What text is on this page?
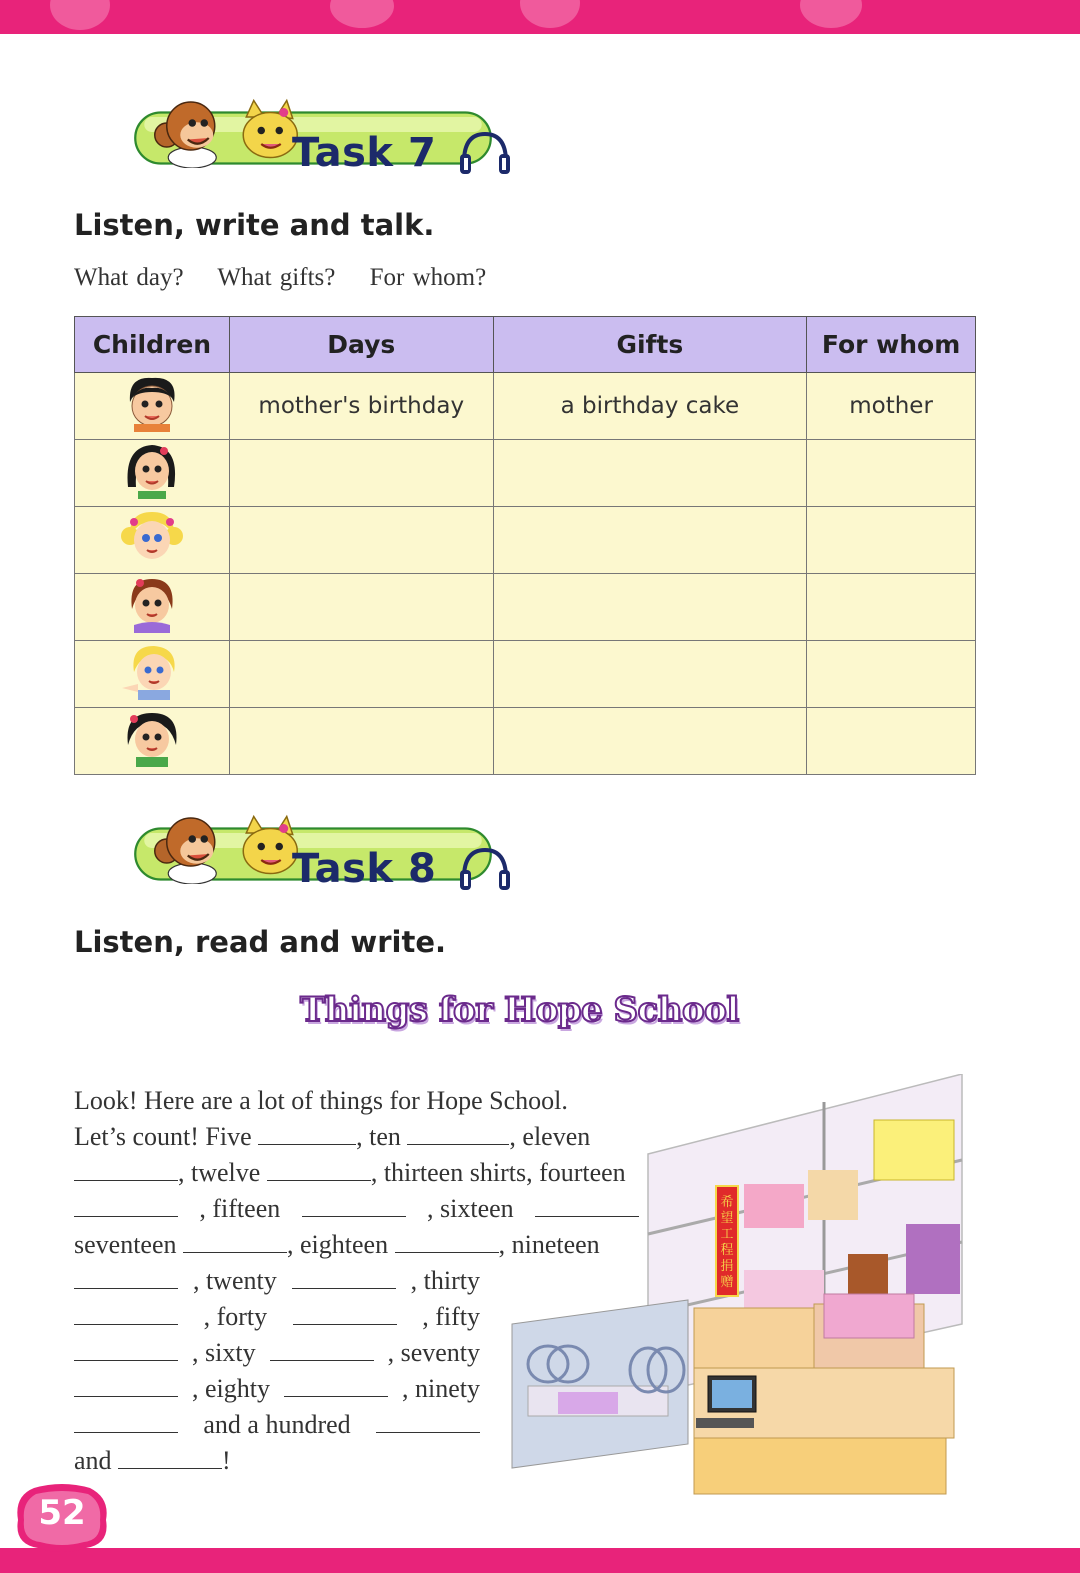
Task 7
Listen, write and talk.
What day? What gifts? For whom?
Children	Days	Gifts	For whom
	mother's birthday	a birthday cake	mother

Task 8
Listen, read and write.
Things for Hope School
Look! Here are a lot of things for Hope School.
Let’s count! Five	, ten	, eleven
, twelve	, thirteen shirts, fourteen
, fifteen	, sixteen
seventeen	, eighteen	, nineteen
, twenty	, thirty
, forty	, fifty
, sixty	, seventy
, eighty	, ninety
and a hundred
and	!
希
望
工
程
捐
赠
52
